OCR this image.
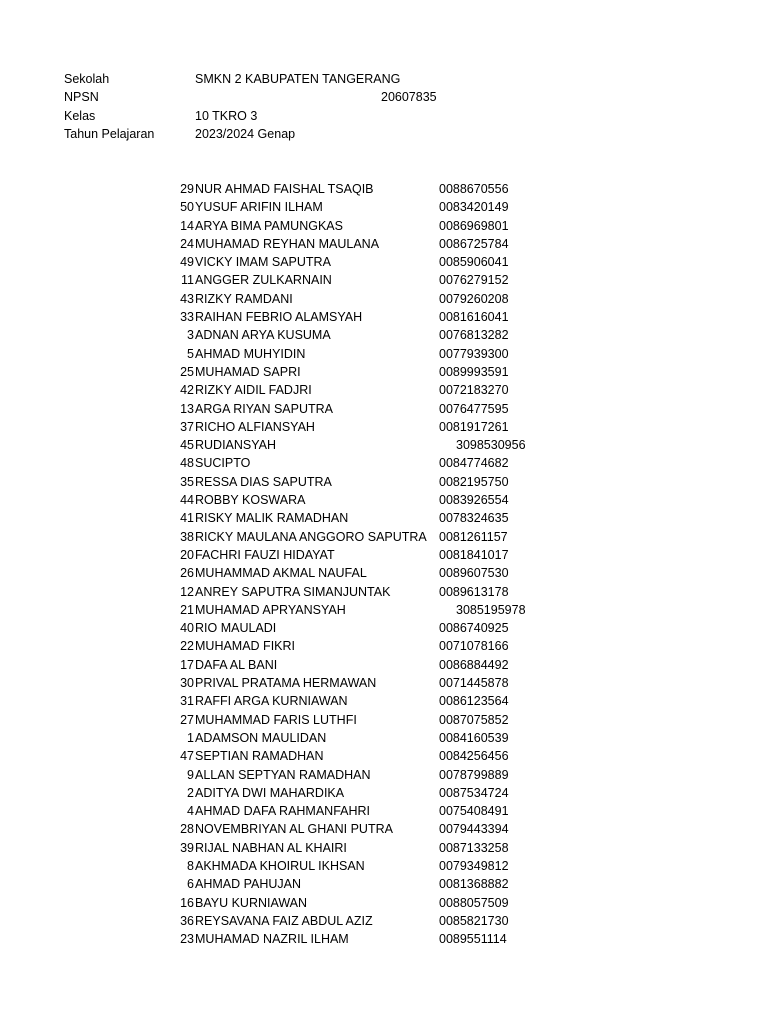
Sekolah	SMKN 2 KABUPATEN TANGERANG
NPSN	20607835
Kelas	10 TKRO 3
Tahun Pelajaran	2023/2024 Genap
29 NUR AHMAD FAISHAL TSAQIB	0088670556
50 YUSUF ARIFIN ILHAM	0083420149
14 ARYA BIMA PAMUNGKAS	0086969801
24 MUHAMAD REYHAN MAULANA	0086725784
49 VICKY IMAM SAPUTRA	0085906041
11 ANGGER ZULKARNAIN	0076279152
43 RIZKY RAMDANI	0079260208
33 RAIHAN FEBRIO ALAMSYAH	0081616041
3 ADNAN ARYA KUSUMA	0076813282
5 AHMAD MUHYIDIN	0077939300
25 MUHAMAD SAPRI	0089993591
42 RIZKY AIDIL FADJRI	0072183270
13 ARGA RIYAN SAPUTRA	0076477595
37 RICHO ALFIANSYAH	0081917261
45 RUDIANSYAH	3098530956
48 SUCIPTO	0084774682
35 RESSA DIAS SAPUTRA	0082195750
44 ROBBY KOSWARA	0083926554
41 RISKY MALIK RAMADHAN	0078324635
38 RICKY MAULANA ANGGORO SAPUTRA 0081261157
20 FACHRI FAUZI HIDAYAT	0081841017
26 MUHAMMAD AKMAL NAUFAL	0089607530
12 ANREY SAPUTRA SIMANJUNTAK	0089613178
21 MUHAMAD APRYANSYAH	3085195978
40 RIO MAULADI	0086740925
22 MUHAMAD FIKRI	0071078166
17 DAFA AL BANI	0086884492
30 PRIVAL PRATAMA HERMAWAN	0071445878
31 RAFFI ARGA KURNIAWAN	0086123564
27 MUHAMMAD FARIS LUTHFI	0087075852
1 ADAMSON MAULIDAN	0084160539
47 SEPTIAN RAMADHAN	0084256456
9 ALLAN SEPTYAN RAMADHAN	0078799889
2 ADITYA DWI MAHARDIKA	0087534724
4 AHMAD DAFA RAHMANFAHRI	0075408491
28 NOVEMBRIYAN AL GHANI PUTRA	0079443394
39 RIJAL NABHAN AL KHAIRI	0087133258
8 AKHMADA KHOIRUL IKHSAN	0079349812
6 AHMAD PAHUJAN	0081368882
16 BAYU KURNIAWAN	0088057509
36 REYSAVANA FAIZ ABDUL AZIZ	0085821730
23 MUHAMAD NAZRIL ILHAM	0089551114
